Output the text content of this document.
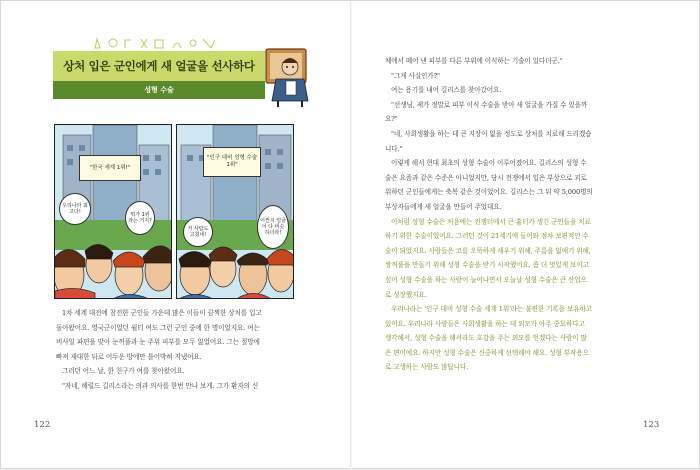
상처 입은 군인에게 새 얼굴을 선사하다
성형 수술
"한국 세계 1위!"
우리나라 최고다!	뭐가 1위라는 거지?
"인구 대비 성형 수술 1위"
저 사람도 고쳤네!
어쩐지 얼굴이 다 비슷하더라!

1차 세계 대전에 참전한 군인들 가운데 많은 이들이 끔찍한 상처를 입고

돌아왔어요. 영국군이었던 월터 여도 그런 군인 중에 한 명이었지요. 여는

비사일 파편을 맞아 눈꺼풀과 눈 주위 피부를 모두 잃었어요. 그는 절망에

빠져 재대한 뒤로 어두운 방에만 틀어박혀 지냈어요.

그러던 어느 날, 한 친구가 여를 찾아왔어요.

"자네, 해럴드 길리스라는 의과 의사를 한번 만나 보게. 그가 환자의 신

122

체에서 떼어 낸 피부를 다른 부위에 이식하는 기술이 있다더군."

"그게 사실인가?"

여는 용기를 내어 길리스를 찾아갔어요.

"선생님, 제가 정말로 피부 이식 수술을 받아 새 얼굴을 가질 수 있을까

요?"

"네, 사회생활을 하는 데 큰 지장이 없을 정도로 상처를 치료해 드리겠습

니다."

이렇게 해서 현대 최초의 성형 수술이 이루어졌어요. 길리스의 성형 수

술은 요즘과 같은 수준은 아니었지만, 당시 전쟁에서 입은 부상으로 괴로

워하던 군인들에게는 축복 같은 것이었어요. 길리스는 그 뒤 약 5,000명의

부상자들에게 새 얼굴을 만들어 주었대요.

이처럼 성형 수술은 처음에는 전쟁터에서 큰 흉터가 생긴 군인들을 치료

하기 위한 수술이었어요. 그러던 것이 21세기에 들어와 점차 보편적인 수

술이 되었지요. 사람들은 코를 오뚝하게 세우기 위해, 주름을 없애기 위해,

쌍꺼풀을 만들기 위해 성형 수술을 받기 시작했어요. 좀 더 멋있게 보이고

싶어 성형 수술을 하는 사람이 늘어나면서 오늘날 성형 수술은 큰 산업으

로 성장했지요.

우리나라는 '인구 대비 성형 수술 세계 1위'라는 불편한 기록을 보유하고

있어요. 우리나라 사람들은 사회생활을 하는 데 외모가 아주 중요하다고

생각해서, 성형 수술을 해서라도 호감을 주는 외모를 얻겠다는 사람이 많

은 편이에요. 하지만 성형 수술은 신중하게 선택해야 해요. 성형 부작용으

로 고생하는 사람도 많답니다.

123
